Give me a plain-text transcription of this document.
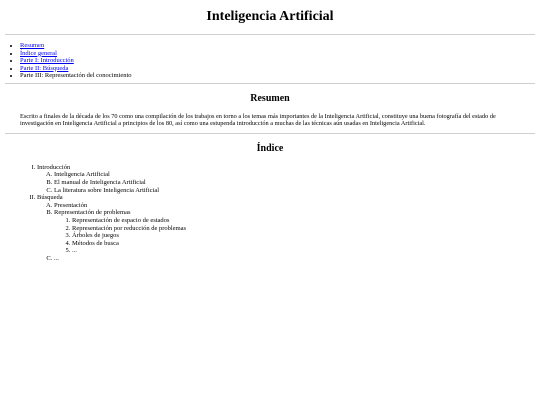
Inteligencia Artificial
• Resumen
• Índice general
• Parte I: Introducción
• Parte II: Búsqueda
• Parte III: Representación del conocimiento
Resumen

Escrito a finales de la década de los 70 como una compilación de los trabajos en torno a los temas más importantes de la Inteligencia Artificial, constituye una buena fotografía del estado de investigación en Inteligencia Artificial a principios de los 80, así como una estupenda introducción a muchas de las técnicas aún usadas en Inteligencia Artificial.

Índice
I. Introducción
A. Inteligencia Artificial
B. El manual de Inteligencia Artificial
C. La literatura sobre Inteligencia Artificial
II. Búsqueda
A. Presentación
B. Representación de problemas
1. Representación de espacio de estados
2. Representación por reducción de problemas
3. Árboles de juegos
4. Métodos de busca
5. ...
C. ...
